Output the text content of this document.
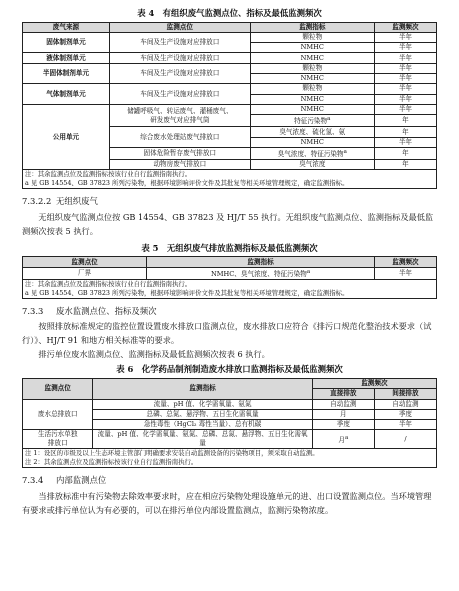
表 4　有组织废气监测点位、指标及最低监测频次
废气来源	监测点位	监测指标	监测频次
固体制剂单元	车间及生产设施对应排放口	颗粒物	半年
		NMHC	半年
液体制剂单元	车间及生产设施对应排放口	NMHC	半年
半固体制剂单元	车间及生产设施对应排放口	颗粒物	半年
		NMHC	半年
气体制剂单元	车间及生产设施对应排放口	颗粒物	半年
		NMHC	半年
公用单元	储罐呼吸气、转运废气、灌桶废气、
研发废气对应排气筒	NMHC	半年
		特征污染物$^a$	年
	综合废水处理站废气排放口	臭气浓度、硫化氢、氨	年
		NMHC	半年
	固体危险暂存废气排放口	臭气浓度、特征污染物$^a$	年
	动物房废气排放口	臭气浓度	年

注：其余监测点位及监测指标按该行业自行监测指南执行。
a 见 GB 14554、GB 37823 所列污染物，根据环境影响评价文件及其批复等相关环境管理规定，确定监测指标。			
7.3.2.2 无组织废气

无组织废气监测点位按 GB 14554、GB 37823 及 HJ/T 55 执行。无组织废气监测点位、监测指标及最低监测频次按表 5 执行。

表 5　无组织废气排放监测指标及最低监测频次
监测点位	监测指标	监测频次
厂界	NMHC、臭气浓度、特征污染物$^a$	半年

注：其余监测点位及监测指标按该行业自行监测指南执行。
a 见 GB 14554、GB 37823 所列污染物，根据环境影响评价文件及其批复等相关环境管理规定，确定监测指标。		
7.3.3 废水监测点位、指标及频次

按照排放标准规定的监控位置设置废水排放口监测点位，废水排放口应符合《排污口规范化整治技术要求（试行）》、HJ/T 91 和地方相关标准等的要求。

排污单位废水监测点位、监测指标及最低监测频次按表 6 执行。

表 6　化学药品制剂制造废水排放口监测指标及最低监测频次
监测点位	监测指标	监测频次	
		直接排放	间接排放
废水总排放口	流量、pH 值、化学需氧量、氨氮	自动监测	自动监测
	总磷、总氮、悬浮物、五日生化需氧量	月	季度
	急性毒性（HgCl₂ 毒性当量）、总有机碳	季度	半年
生活污水单独
排放口	流量、pH 值、化学需氧量、氨氮、总磷、总氮、悬浮物、五日生化需氧量	月$^a$	/

注 1：设区的市级及以上生态环境主管部门明确要求安装自动监测设备的污染物项目，须采取自动监测。
注 2：其余监测点位及监测指标按该行业自行监测指南执行。			
7.3.4 内部监测点位

当排放标准中有污染物去除效率要求时，应在相应污染物处理设施单元的进、出口设置监测点位。当环境管理有要求或排污单位认为有必要的，可以在排污单位内部设置监测点，监测污染物浓度。
